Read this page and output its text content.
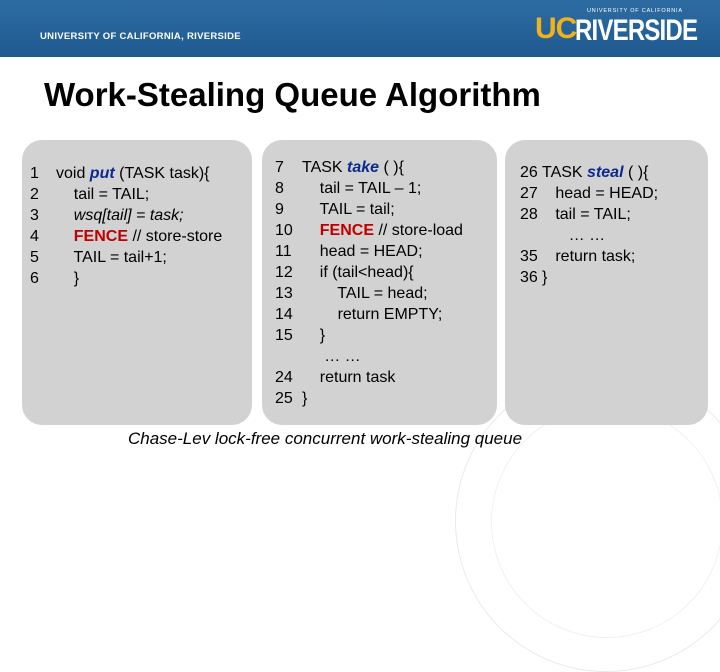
UNIVERSITY OF CALIFORNIA, RIVERSIDE
UNIVERSITY OF CALIFORNIA
UC
RIVERSIDE
Work-Stealing Queue Algorithm
1 void put (TASK task){
2    tail = TAIL;
3 wsq[tail] = task;
4 FENCE // store-store
5    TAIL = tail+1;
6    }
7 TASK take ( ){
8    tail = TAIL – 1;
9    TAIL = tail;
10 FENCE // store-load
11    head = HEAD;
12    if (tail<head){
13        TAIL = head;
14        return EMPTY;
15    }
… …
24    return task
25 }
26 TASK steal ( ){
27   head = HEAD;
28   tail = TAIL;
… …
35   return task;
36 }
Chase-Lev lock-free concurrent work-stealing queue
